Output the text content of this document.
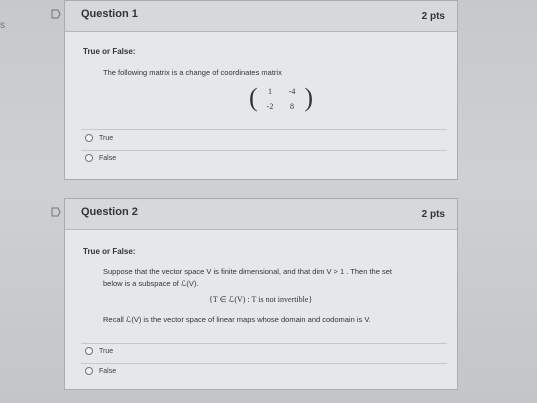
s
Question 1	2 pts
True or False:
The following matrix is a change of coordinates matrix
( )
1	-4
-2	8
True
False
Question 2	2 pts
True or False:
Suppose that the vector space V is finite dimensional, and that dim V > 1 . Then the set
below is a subspace of ℒ(V).
{T ∈ ℒ(V) : T is not invertible}
Recall ℒ(V) is the vector space of linear maps whose domain and codomain is V.
True
False
